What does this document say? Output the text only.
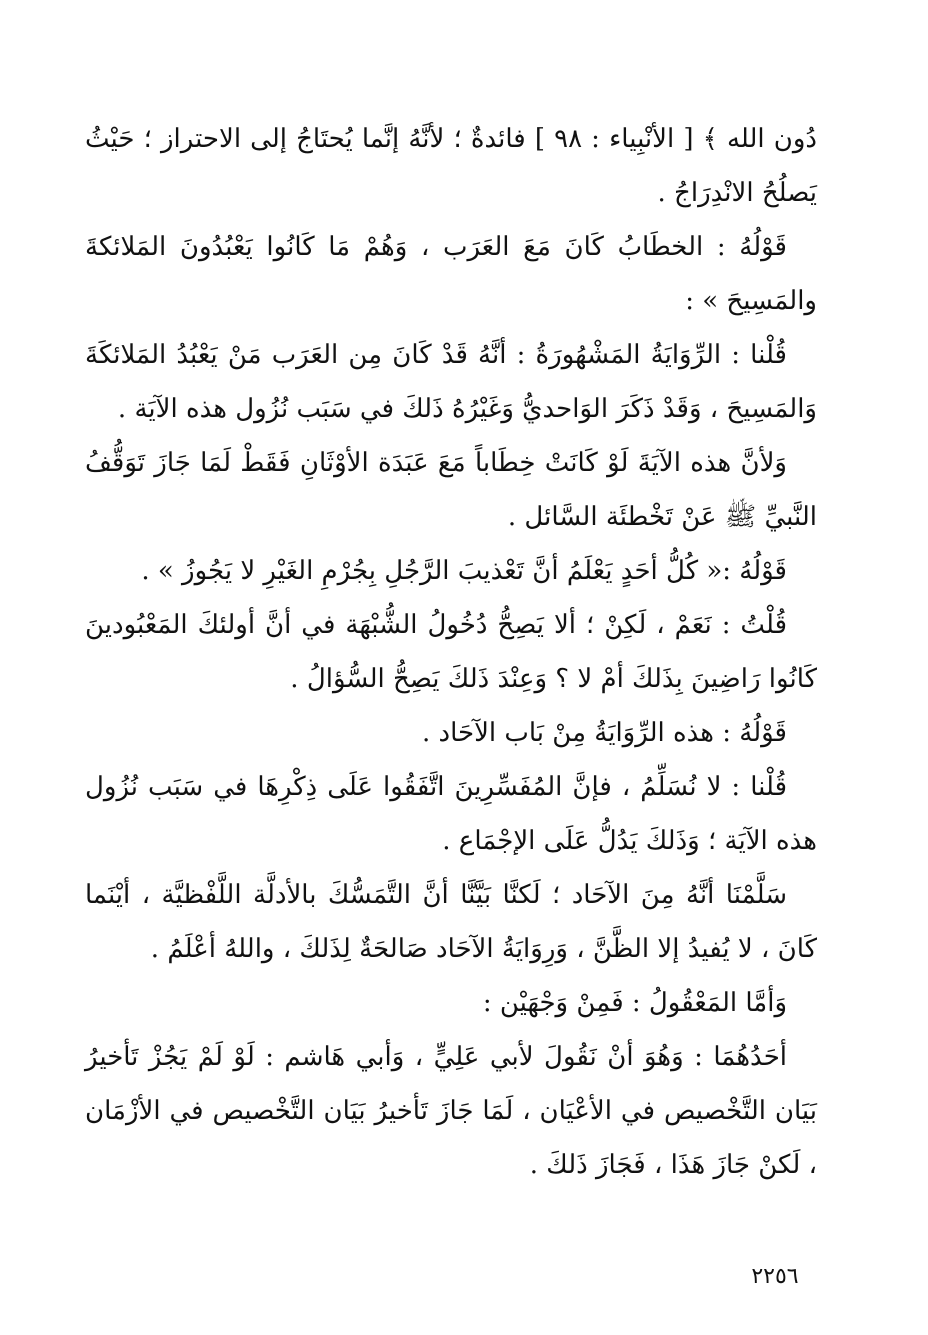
دُون الله ﴾ [ الأنْبِياء : ٩٨ ] فائدةٌ ؛ لأنَّهُ إنَّما يُحتَاجُ إلى الاحتراز ؛ حَيْثُ يَصلُحُ الانْدِرَاجُ .

قَوْلُهُ : الخطَابُ كَانَ مَعَ العَرَب ، وَهُمْ مَا كَانُوا يَعْبُدُونَ المَلائكةَ والمَسِيحَ » :

قُلْنا : الرِّوَايَةُ المَشْهُورَةُ : أنَّهُ قَدْ كَانَ مِن العَرَب مَنْ يَعْبُدُ المَلائكَةَ وَالمَسِيحَ ، وَقَدْ ذَكَرَ الوَاحديُّ وَغَيْرُهُ ذَلكَ في سَبَب نُزُول هذه الآيَة .

وَلأنَّ هذه الآيَةَ لَوْ كَانَتْ خِطَاباً مَعَ عَبَدَة الأوْثَانِ فَقَطْ لَمَا جَازَ تَوَقُّفُ النَّبيِّ ﷺ عَنْ تَخْطئَة السَّائل .

قَوْلُهُ :« كُلُّ أحَدٍ يَعْلَمُ أنَّ تَعْذيبَ الرَّجُلِ بِجُرْمِ الغَيْرِ لا يَجُوزُ » .

قُلْتُ : نَعَمْ ، لَكِنْ ؛ ألا يَصِحُّ دُخُولُ الشُّبْهَة في أنَّ أولئكَ المَعْبُودينَ كَانُوا رَاضِينَ بِذَلكَ أمْ لا ؟ وَعِنْدَ ذَلكَ يَصِحُّ السُّؤالُ .

قَوْلُهُ : هذه الرِّوَايَةُ مِنْ بَاب الآحَاد .

قُلْنا : لا نُسَلِّمُ ، فإنَّ المُفَسِّرِينَ اتَّفَقُوا عَلَى ذِكْرِهَا في سَبَب نُزُول هذه الآيَة ؛ وَذَلكَ يَدُلُّ عَلَى الإجْمَاع .

سَلَّمْنَا أنَّهُ مِنَ الآحَاد ؛ لَكنَّا بَيَّنَّا أنَّ التَّمَسُّكَ بالأدلَّة اللَّفْظيَّة ، أيْنَما كَانَ ، لا يُفيدُ إلا الظَّنَّ ، وَرِوَايَةُ الآحَاد صَالحَةٌ لِذَلكَ ، واللهُ أعْلَمُ .

وَأمَّا المَعْقُولُ : فَمِنْ وَجْهَيْن :

أحَدُهُمَا : وَهُوَ أنْ نَقُولَ لأبي عَلِيٍّ ، وَأبي هَاشم : لَوْ لَمْ يَجُزْ تَأخيرُ بَيَان التَّخْصيص في الأعْيَان ، لَمَا جَازَ تَأخيرُ بَيَان التَّخْصيص في الأزْمَان ، لَكنْ جَازَ هَذَا ، فَجَازَ ذَلكَ .

٢٢٥٦
